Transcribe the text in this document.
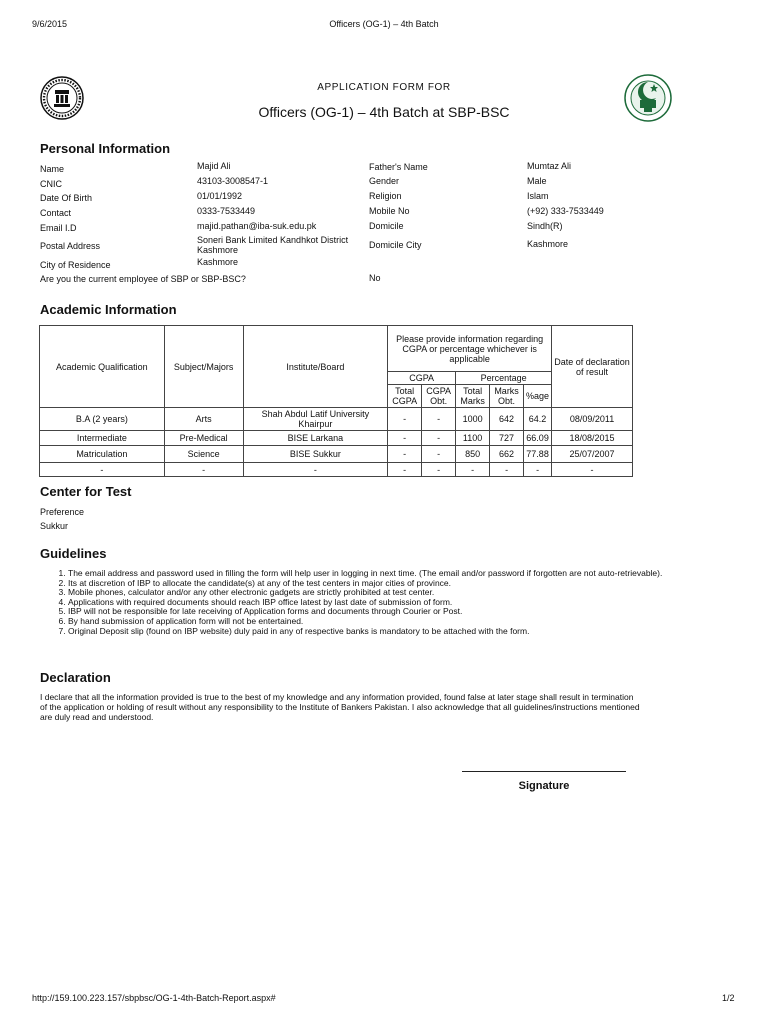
9/6/2015	Officers (OG-1) – 4th Batch
APPLICATION FORM FOR
Officers (OG-1) – 4th Batch at SBP-BSC
Personal Information
Name	Majid Ali	Father's Name	Mumtaz Ali
CNIC	43103-3008547-1	Gender	Male
Date Of Birth	01/01/1992	Religion	Islam
Contact	0333-7533449	Mobile No	(+92) 333-7533449
Email I.D	majid.pathan@iba-suk.edu.pk	Domicile	Sindh(R)
Postal Address
Soneri Bank Limited Kandhkot District Kashmore	Domicile City	Kashmore
City of Residence	Kashmore
Are you the current employee of SBP or SBP-BSC?	No
Academic Information
Academic Qualification	Subject/Majors	Institute/Board	Please provide information regarding CGPA or percentage whichever is applicable					Date of declaration of result
			CGPA		Percentage			
			Total CGPA	CGPA Obt.	Total Marks	Marks Obt.	%age	
B.A (2 years)	Arts	Shah Abdul Latif University Khairpur	-	-	1000	642	64.2	08/09/2011
Intermediate	Pre-Medical	BISE Larkana	-	-	1100	727	66.09	18/08/2015
Matriculation	Science	BISE Sukkur	-	-	850	662	77.88	25/07/2007
-	-	-	-	-	-	-	-	-
Center for Test
Preference
Sukkur
Guidelines
1. The email address and password used in filling the form will help user in logging in next time. (The email and/or password if forgotten are not auto-retrievable).
2. Its at discretion of IBP to allocate the candidate(s) at any of the test centers in major cities of province.
3. Mobile phones, calculator and/or any other electronic gadgets are strictly prohibited at test center.
4. Applications with required documents should reach IBP office latest by last date of submission of form.
5. IBP will not be responsible for late receiving of Application forms and documents through Courier or Post.
6. By hand submission of application form will not be entertained.
7. Original Deposit slip (found on IBP website) duly paid in any of respective banks is mandatory to be attached with the form.
Declaration
I declare that all the information provided is true to the best of my knowledge and any information provided, found false at later stage shall result in termination of the application or holding of result without any responsibility to the Institute of Bankers Pakistan. I also acknowledge that all guidelines/instructions mentioned are duly read and understood.
Signature
http://159.100.223.157/sbpbsc/OG-1-4th-Batch-Report.aspx#	1/2
